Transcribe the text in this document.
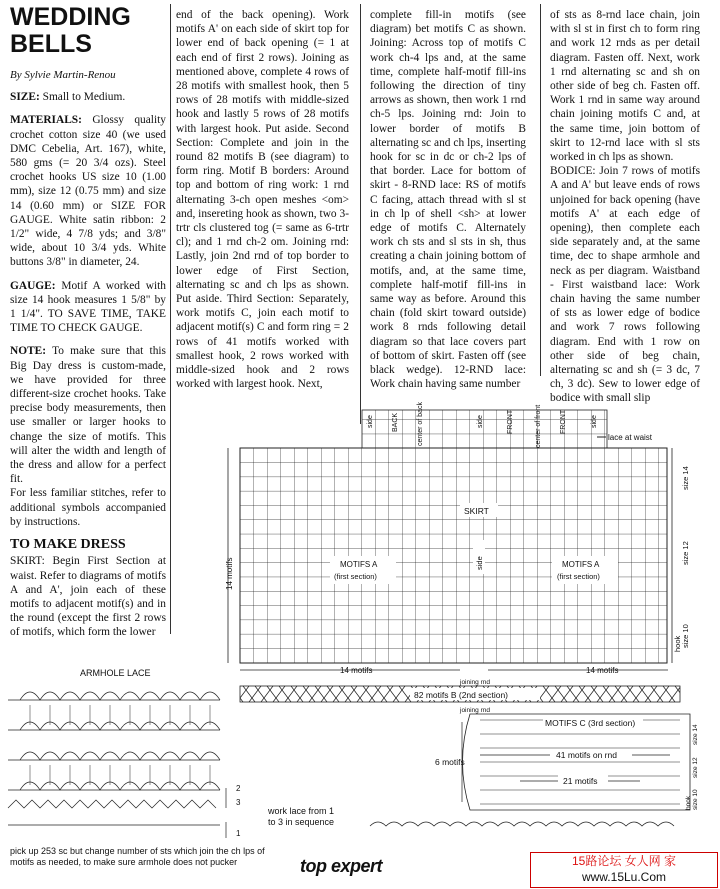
WEDDING
BELLS
By Sylvie Martin-Renou

SIZE: Small to Medium.

MATERIALS: Glossy quality crochet cotton size 40 (we used DMC Cebelia, Art. 167), white, 580 gms (= 20 3/4 ozs). Steel crochet hooks US size 10 (1.00 mm), size 12 (0.75 mm) and size 14 (0.60 mm) or SIZE FOR GAUGE. White satin ribbon: 2 1/2" wide, 4 7/8 yds; and 3/8" wide, about 10 3/4 yds. White buttons 3/8" in diameter, 24.

GAUGE: Motif A worked with size 14 hook measures 1 5/8" by 1 1/4". TO SAVE TIME, TAKE TIME TO CHECK GAUGE.

NOTE: To make sure that this Big Day dress is custom-made, we have provided for three different-size crochet hooks. Take precise body measurements, then use smaller or larger hooks to change the size of motifs. This will alter the width and length of the dress and allow for a perfect fit.

For less familiar stitches, refer to additional symbols accompanied by instructions.

TO MAKE DRESS

SKIRT: Begin First Section at waist. Refer to diagrams of motifs A and A', join each of these motifs to adjacent motif(s) and in the round (except the first 2 rows of motifs, which form the lower

end of the back opening). Work motifs A' on each side of skirt top for lower end of back opening (= 1 at each end of first 2 rows). Joining as mentioned above, complete 4 rows of 28 motifs with smallest hook, then 5 rows of 28 motifs with middle-sized hook and lastly 5 rows of 28 motifs with largest hook. Put aside. Second Section: Complete and join in the round 82 motifs B (see diagram) to form ring. Motif B borders: Around top and bottom of ring work: 1 rnd alternating 3-ch open meshes <om> and, insereting hook as shown, two 3-trtr cls clustered tog (= same as 6-trtr cl); and 1 rnd ch-2 om. Joining rnd: Lastly, join 2nd rnd of top border to lower edge of First Section, alternating sc and ch lps as shown. Put aside. Third Section: Separately, work motifs C, join each motif to adjacent motif(s) C and form ring = 2 rows of 41 motifs worked with smallest hook, 2 rows worked with middle-sized hook and 2 rows worked with largest hook. Next,

complete fill-in motifs (see diagram) bet motifs C as shown. Joining: Across top of motifs C work ch-4 lps and, at the same time, complete half-motif fill-ins following the direction of tiny arrows as shown, then work 1 rnd ch-5 lps. Joining rnd: Join to lower border of motifs B alternating sc and ch lps, inserting hook for sc in dc or ch-2 lps of that border. Lace for bottom of skirt - 8-RND lace: RS of motifs C facing, attach thread with sl st in ch lp of shell <sh> at lower edge of motifs C. Alternately work ch sts and sl sts in sh, thus creating a chain joining bottom of motifs, and, at the same time, complete half-motif fill-ins in same way as before. Around this chain (fold skirt toward outside) work 8 rnds following detail diagram so that lace covers part of bottom of skirt. Fasten off (see black wedge). 12-RND lace: Work chain having same number

of sts as 8-rnd lace chain, join with sl st in first ch to form ring and work 12 rnds as per detail diagram. Fasten off. Next, work 1 rnd alternating sc and sh on other side of beg ch. Fasten off. Work 1 rnd in same way around chain joining motifs C and, at the same time, join bottom of skirt to 12-rnd lace with sl sts worked in ch lps as shown.

BODICE: Join 7 rows of motifs A and A' but leave ends of rows unjoined for back opening (have motifs A' at each edge of opening), then complete each side separately and, at the same time, dec to shape armhole and neck as per diagram. Waistband - First waistband lace: Work chain having the same number of sts as lower edge of bodice and work 7 rows following diagram. End with 1 row on other side of beg chain, alternating sc and sh (= 3 dc, 7 ch, 3 dc). Sew to lower edge of bodice with small slip

side	BACK	center of back	side	FRONT	center of front	FRONT	side
lace at waist
SKIRT
MOTIFS A
(first section)
MOTIFS A
(first section)
side
14 motifs
size 14
size 12
size 10
hook
14 motifs	14 motifs
joining rnd
82 motifs B (2nd section)
joining rnd
MOTIFS C (3rd section)
41 motifs on rnd
21 motifs
6 motifs
size 14
size 12
size 10
hook
ARMHOLE LACE
2
3
1
work lace from 1 to 3 in sequence
pick up 253 sc but change number of sts which join the ch lps of motifs as needed, to make sure armhole does not pucker	top expert	15路论坛 女人网 家
www.15Lu.Com
